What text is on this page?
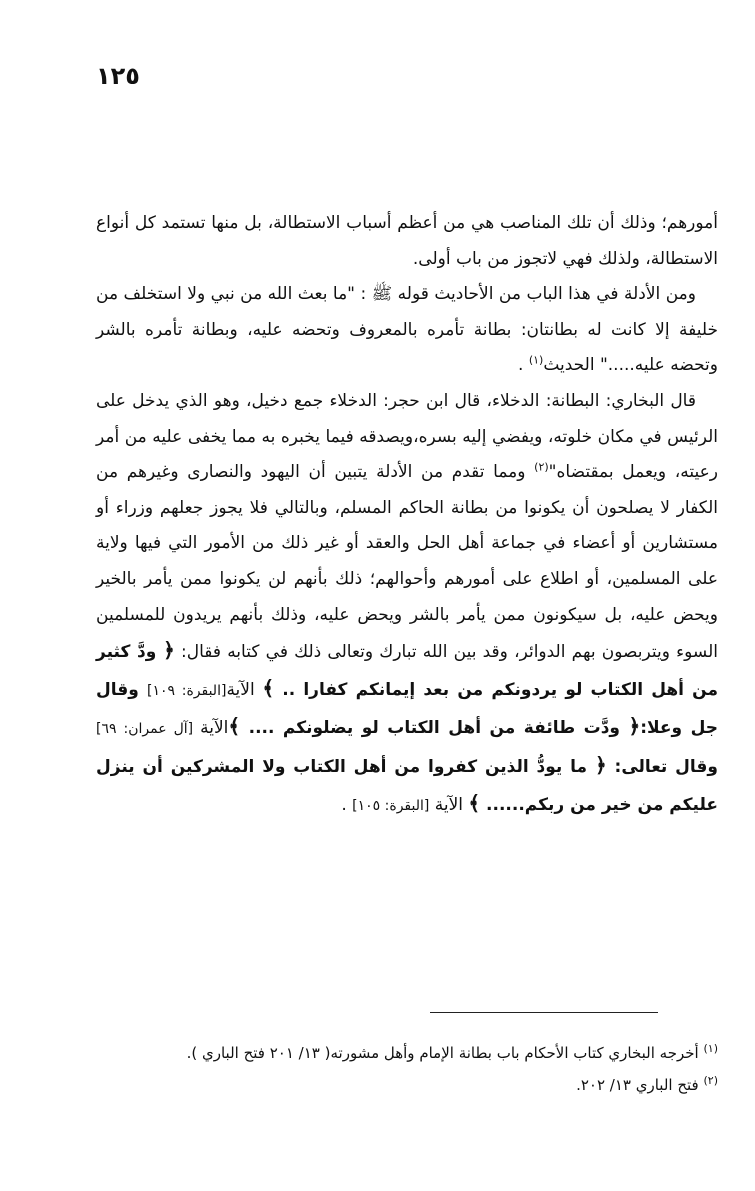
١٢٥

أمورهم؛ وذلك أن تلك المناصب هي من أعظم أسباب الاستطالة، بل منها تستمد كل أنواع الاستطالة، ولذلك فهي لاتجوز من باب أولى.

ومن الأدلة في هذا الباب من الأحاديث قوله ﷺ : "ما بعث الله من نبي ولا استخلف من خليفة إلا كانت له بطانتان: بطانة تأمره بالمعروف وتحضه عليه، وبطانة تأمره بالشر وتحضه عليه....." الحديث$^{(١)}$ .

قال البخاري: البطانة: الدخلاء، قال ابن حجر: الدخلاء جمع دخيل، وهو الذي يدخل على الرئيس في مكان خلوته، ويفضي إليه بسره،ويصدقه فيما يخبره به مما يخفى عليه من أمر رعيته، ويعمل بمقتضاه"$^{(٢)}$ ومما تقدم من الأدلة يتبين أن اليهود والنصارى وغيرهم من الكفار لا يصلحون أن يكونوا من بطانة الحاكم المسلم، وبالتالي فلا يجوز جعلهم وزراء أو مستشارين أو أعضاء في جماعة أهل الحل والعقد أو غير ذلك من الأمور التي فيها ولاية على المسلمين، أو اطلاع على أمورهم وأحوالهم؛ ذلك بأنهم لن يكونوا ممن يأمر بالخير ويحض عليه، بل سيكونون ممن يأمر بالشر ويحض عليه، وذلك بأنهم يريدون للمسلمين السوء ويتربصون بهم الدوائر، وقد بين الله تبارك وتعالى ذلك في كتابه فقال: ﴿ ودَّ كثير من أهل الكتاب لو يردونكم من بعد إيمانكم كفارا .. ﴾ الآية[البقرة: ١٠٩] وقال جل وعلا:﴿ ودَّت طائفة من أهل الكتاب لو يضلونكم .... ﴾الآية [آل عمران: ٦٩] وقال تعالى: ﴿ ما يودُّ الذين كفروا من أهل الكتاب ولا المشركين أن ينزل عليكم من خير من ربكم...... ﴾ الآية [البقرة: ١٠٥] .

$^{(١)}$ أخرجه البخاري كتاب الأحكام باب بطانة الإمام وأهل مشورته( ١٣/ ٢٠١ فتح الباري ).

$^{(٢)}$ فتح الباري ١٣/ ٢٠٢.
